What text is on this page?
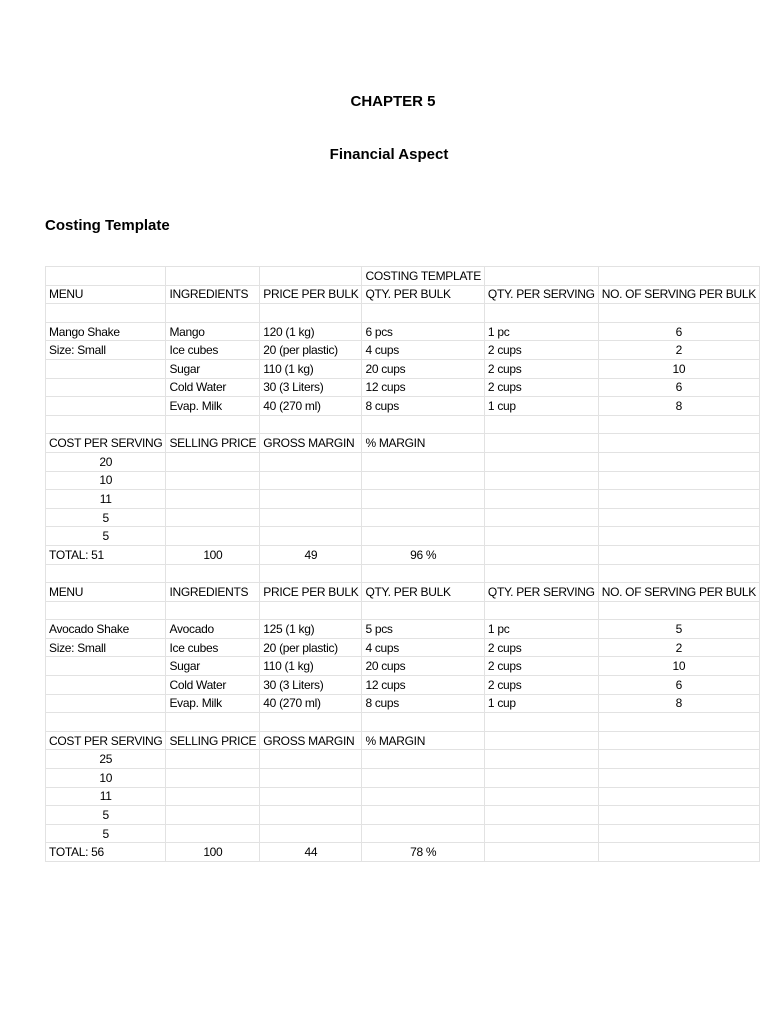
CHAPTER 5
Financial Aspect
Costing Template
			COSTING TEMPLATE		
MENU	INGREDIENTS	PRICE PER BULK	QTY. PER BULK	QTY. PER SERVING	NO. OF SERVING PER BULK

Mango Shake	Mango	120 (1 kg)	6 pcs	1 pc	6
Size: Small	Ice cubes	20 (per plastic)	4 cups	2 cups	2
	Sugar	110 (1 kg)	20 cups	2 cups	10
	Cold Water	30 (3 Liters)	12 cups	2 cups	6
	Evap. Milk	40 (270 ml)	8 cups	1 cup	8

COST PER SERVING	SELLING PRICE	GROSS MARGIN	% MARGIN		
20					
10					
11					
5					
5					
TOTAL: 51	100	49	96 %		

MENU	INGREDIENTS	PRICE PER BULK	QTY. PER BULK	QTY. PER SERVING	NO. OF SERVING PER BULK

Avocado Shake	Avocado	125 (1 kg)	5 pcs	1 pc	5
Size: Small	Ice cubes	20 (per plastic)	4 cups	2 cups	2
	Sugar	110 (1 kg)	20 cups	2 cups	10
	Cold Water	30 (3 Liters)	12 cups	2 cups	6
	Evap. Milk	40 (270 ml)	8 cups	1 cup	8

COST PER SERVING	SELLING PRICE	GROSS MARGIN	% MARGIN		
25					
10					
11					
5					
5					
TOTAL: 56	100	44	78 %		
